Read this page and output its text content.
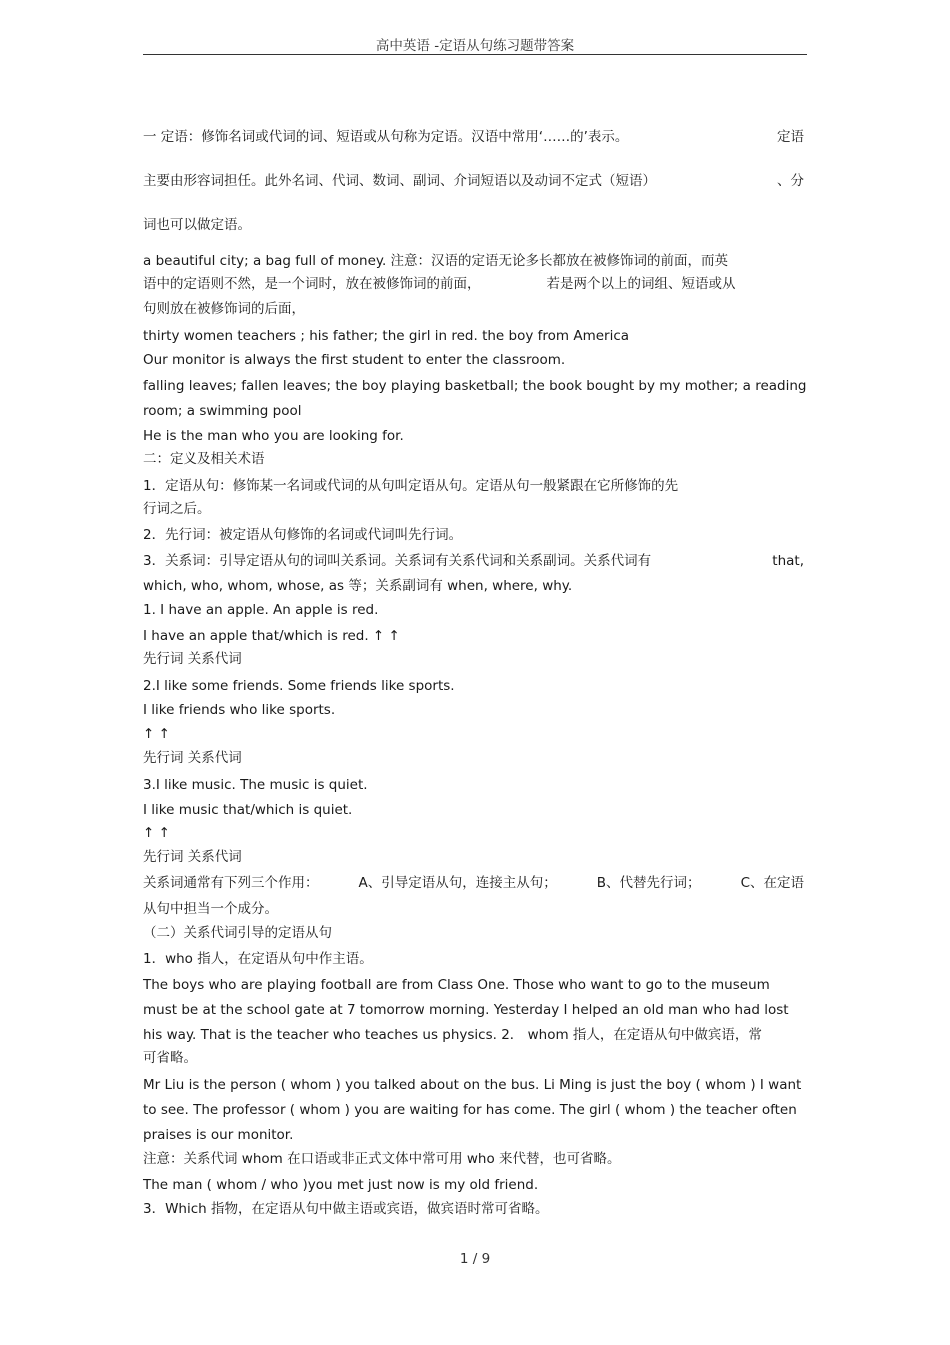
高中英语 -定语从句练习题带答案
一 定语：修饰名词或代词的词、短语或从句称为定语。汉语中常用‘……的’表示。	定语
主要由形容词担任。此外名词、代词、数词、副词、介词短语以及动词不定式（短语）	、分
词也可以做定语。
a beautiful city; a bag full of money. 注意：汉语的定语无论多长都放在被修饰词的前面，而英
语中的定语则不然，是一个词时，放在被修饰词的前面，	若是两个以上的词组、短语或从
句则放在被修饰词的后面，
thirty women teachers ; his father; the girl in red. the boy from America
Our monitor is always the first student to enter the classroom.
falling leaves; fallen leaves; the boy playing basketball; the book bought by my mother; a reading
room; a swimming pool
He is the man who you are looking for.
二：定义及相关术语
1．定语从句：修饰某一名词或代词的从句叫定语从句。定语从句一般紧跟在它所修饰的先
行词之后。
2．先行词：被定语从句修饰的名词或代词叫先行词。
3．关系词：引导定语从句的词叫关系词。关系词有关系代词和关系副词。关系代词有	that,
which, who, whom, whose, as 等；关系副词有 when, where, why.
1. I have an apple. An apple is red.
I have an apple that/which is red. ↑ ↑
先行词 关系代词
2.I like some friends. Some friends like sports.
I like friends who like sports.
↑ ↑
先行词 关系代词
3.I like music. The music is quiet.
I like music that/which is quiet.
↑ ↑
先行词 关系代词
关系词通常有下列三个作用：	A、引导定语从句，连接主从句；	B、代替先行词；	C、在定语
从句中担当一个成分。
（二）关系代词引导的定语从句
1．who 指人，在定语从句中作主语。
The boys who are playing football are from Class One. Those who want to go to the museum
must be at the school gate at 7 tomorrow morning. Yesterday I helped an old man who had lost
his way. That is the teacher who teaches us physics. 2． whom 指人，在定语从句中做宾语，常
可省略。
Mr Liu is the person ( whom ) you talked about on the bus. Li Ming is just the boy ( whom ) I want
to see. The professor ( whom ) you are waiting for has come. The girl ( whom ) the teacher often
praises is our monitor.
注意：关系代词 whom 在口语或非正式文体中常可用 who 来代替，也可省略。
The man ( whom / who )you met just now is my old friend.
3．Which 指物，在定语从句中做主语或宾语，做宾语时常可省略。
1 / 9
